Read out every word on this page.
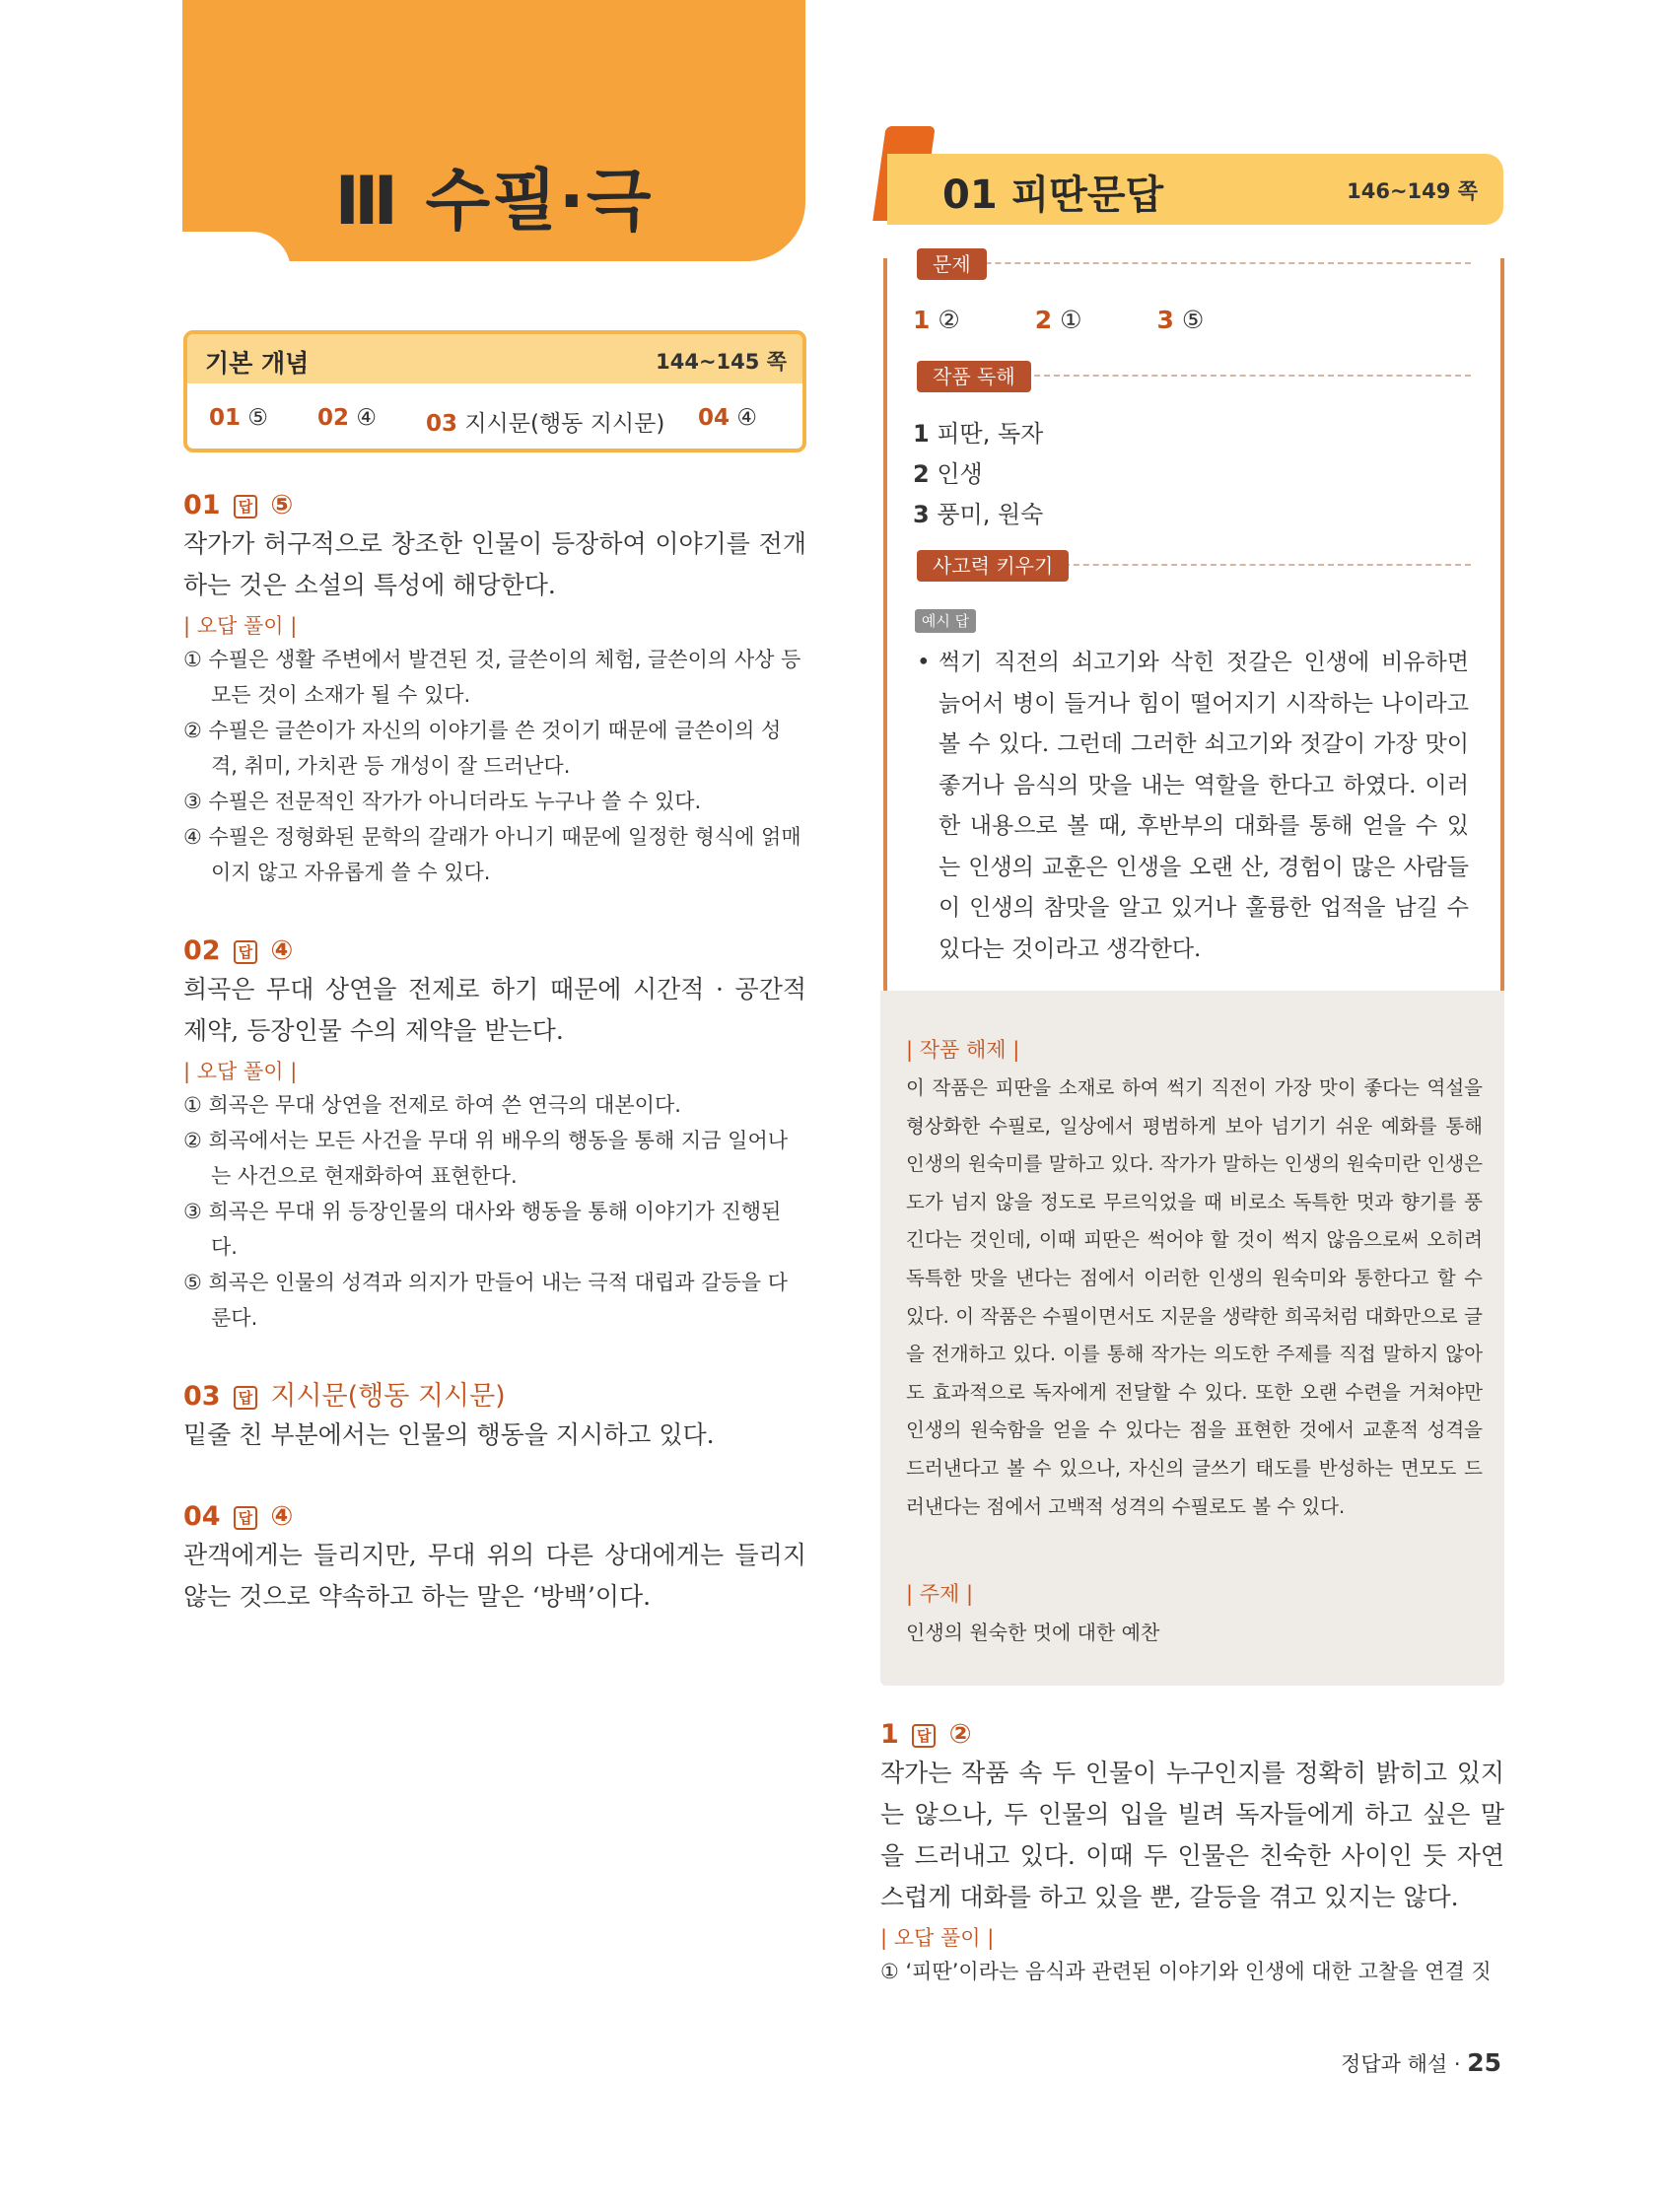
Ⅲ 수필·극
기본 개념	144~145 쪽
01 ⑤ 02 ④ 03 지시문(행동 지시문) 04 ④
01 답 ⑤

작가가 허구적으로 창조한 인물이 등장하여 이야기를 전개하는 것은 소설의 특성에 해당한다.

| 오답 풀이 |

① 수필은 생활 주변에서 발견된 것, 글쓴이의 체험, 글쓴이의 사상 등 모든 것이 소재가 될 수 있다.

② 수필은 글쓴이가 자신의 이야기를 쓴 것이기 때문에 글쓴이의 성격, 취미, 가치관 등 개성이 잘 드러난다.

③ 수필은 전문적인 작가가 아니더라도 누구나 쓸 수 있다.

④ 수필은 정형화된 문학의 갈래가 아니기 때문에 일정한 형식에 얽매이지 않고 자유롭게 쓸 수 있다.

02 답 ④

희곡은 무대 상연을 전제로 하기 때문에 시간적 · 공간적 제약, 등장인물 수의 제약을 받는다.

| 오답 풀이 |

① 희곡은 무대 상연을 전제로 하여 쓴 연극의 대본이다.

② 희곡에서는 모든 사건을 무대 위 배우의 행동을 통해 지금 일어나는 사건으로 현재화하여 표현한다.

③ 희곡은 무대 위 등장인물의 대사와 행동을 통해 이야기가 진행된다.

⑤ 희곡은 인물의 성격과 의지가 만들어 내는 극적 대립과 갈등을 다룬다.

03 답 지시문(행동 지시문)

밑줄 친 부분에서는 인물의 행동을 지시하고 있다.

04 답 ④

관객에게는 들리지만, 무대 위의 다른 상대에게는 들리지 않는 것으로 약속하고 하는 말은 ‘방백’이다.

01 피딴문답	146~149 쪽
문제
1 ②	2 ①	3 ⑤
작품 독해
1 피딴, 독자
2 인생
3 풍미, 원숙
사고력 키우기
예시 답

• 썩기 직전의 쇠고기와 삭힌 젓갈은 인생에 비유하면 늙어서 병이 들거나 힘이 떨어지기 시작하는 나이라고 볼 수 있다. 그런데 그러한 쇠고기와 젓갈이 가장 맛이 좋거나 음식의 맛을 내는 역할을 한다고 하였다. 이러한 내용으로 볼 때, 후반부의 대화를 통해 얻을 수 있는 인생의 교훈은 인생을 오랜 산, 경험이 많은 사람들이 인생의 참맛을 알고 있거나 훌륭한 업적을 남길 수 있다는 것이라고 생각한다.

| 작품 해제 |

이 작품은 피딴을 소재로 하여 썩기 직전이 가장 맛이 좋다는 역설을 형상화한 수필로, 일상에서 평범하게 보아 넘기기 쉬운 예화를 통해 인생의 원숙미를 말하고 있다. 작가가 말하는 인생의 원숙미란 인생은 도가 넘지 않을 정도로 무르익었을 때 비로소 독특한 멋과 향기를 풍긴다는 것인데, 이때 피딴은 썩어야 할 것이 썩지 않음으로써 오히려 독특한 맛을 낸다는 점에서 이러한 인생의 원숙미와 통한다고 할 수 있다. 이 작품은 수필이면서도 지문을 생략한 희곡처럼 대화만으로 글을 전개하고 있다. 이를 통해 작가는 의도한 주제를 직접 말하지 않아도 효과적으로 독자에게 전달할 수 있다. 또한 오랜 수련을 거쳐야만 인생의 원숙함을 얻을 수 있다는 점을 표현한 것에서 교훈적 성격을 드러낸다고 볼 수 있으나, 자신의 글쓰기 태도를 반성하는 면모도 드러낸다는 점에서 고백적 성격의 수필로도 볼 수 있다.

| 주제 |
인생의 원숙한 멋에 대한 예찬
1 답 ②

작가는 작품 속 두 인물이 누구인지를 정확히 밝히고 있지는 않으나, 두 인물의 입을 빌려 독자들에게 하고 싶은 말을 드러내고 있다. 이때 두 인물은 친숙한 사이인 듯 자연스럽게 대화를 하고 있을 뿐, 갈등을 겪고 있지는 않다.

| 오답 풀이 |

① ‘피딴’이라는 음식과 관련된 이야기와 인생에 대한 고찰을 연결 짓

정답과 해설 · 25
